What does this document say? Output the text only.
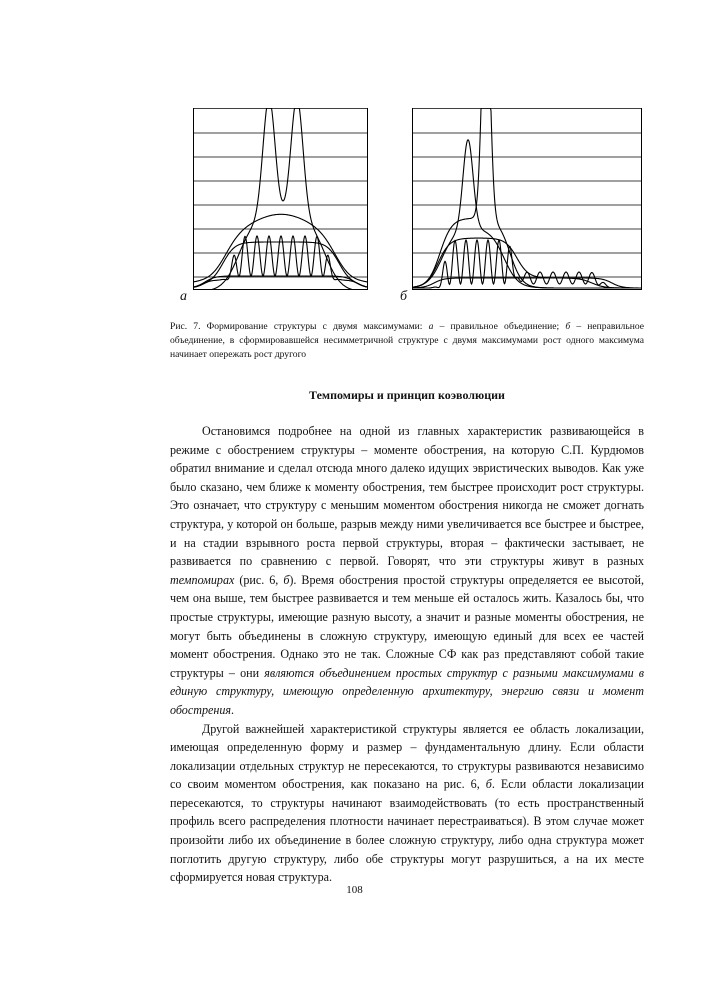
а	б
Рис. 7. Формирование структуры с двумя максимумами: а – правильное объединение; б – неправильное объединение, в сформировавшейся несимметричной структуре с двумя максимумами рост одного максимума начинает опережать рост другого
Темпомиры и принцип коэволюции

Остановимся подробнее на одной из главных характеристик развивающейся в режиме с обострением структуры – моменте обострения, на которую С.П. Курдюмов обратил внимание и сделал отсюда много далеко идущих эвристических выводов. Как уже было сказано, чем ближе к моменту обострения, тем быстрее происходит рост структуры. Это означает, что структуру с меньшим моментом обострения никогда не сможет догнать структура, у которой он больше, разрыв между ними увеличивается все быстрее и быстрее, и на стадии взрывного роста первой структуры, вторая – фактически застывает, не развивается по сравнению с первой. Говорят, что эти структуры живут в разных темпомирах (рис. 6, б). Время обострения простой структуры определяется ее высотой, чем она выше, тем быстрее развивается и тем меньше ей осталось жить. Казалось бы, что простые структуры, имеющие разную высоту, а значит и разные моменты обострения, не могут быть объединены в сложную структуру, имеющую единый для всех ее частей момент обострения. Однако это не так. Сложные СФ как раз представляют собой такие структуры – они являются объединением простых структур с разными максимумами в единую структуру, имеющую определенную архитектуру, энергию связи и момент обострения.

Другой важнейшей характеристикой структуры является ее область локализации, имеющая определенную форму и размер – фундаментальную длину. Если области локализации отдельных структур не пересекаются, то структуры развиваются независимо со своим моментом обострения, как показано на рис. 6, б. Если области локализации пересекаются, то структуры начинают взаимодействовать (то есть пространственный профиль всего распределения плотности начинает перестраиваться). В этом случае может произойти либо их объединение в более сложную структуру, либо одна структура может поглотить другую структуру, либо обе структуры могут разрушиться, а на их месте сформируется новая структура.

108
